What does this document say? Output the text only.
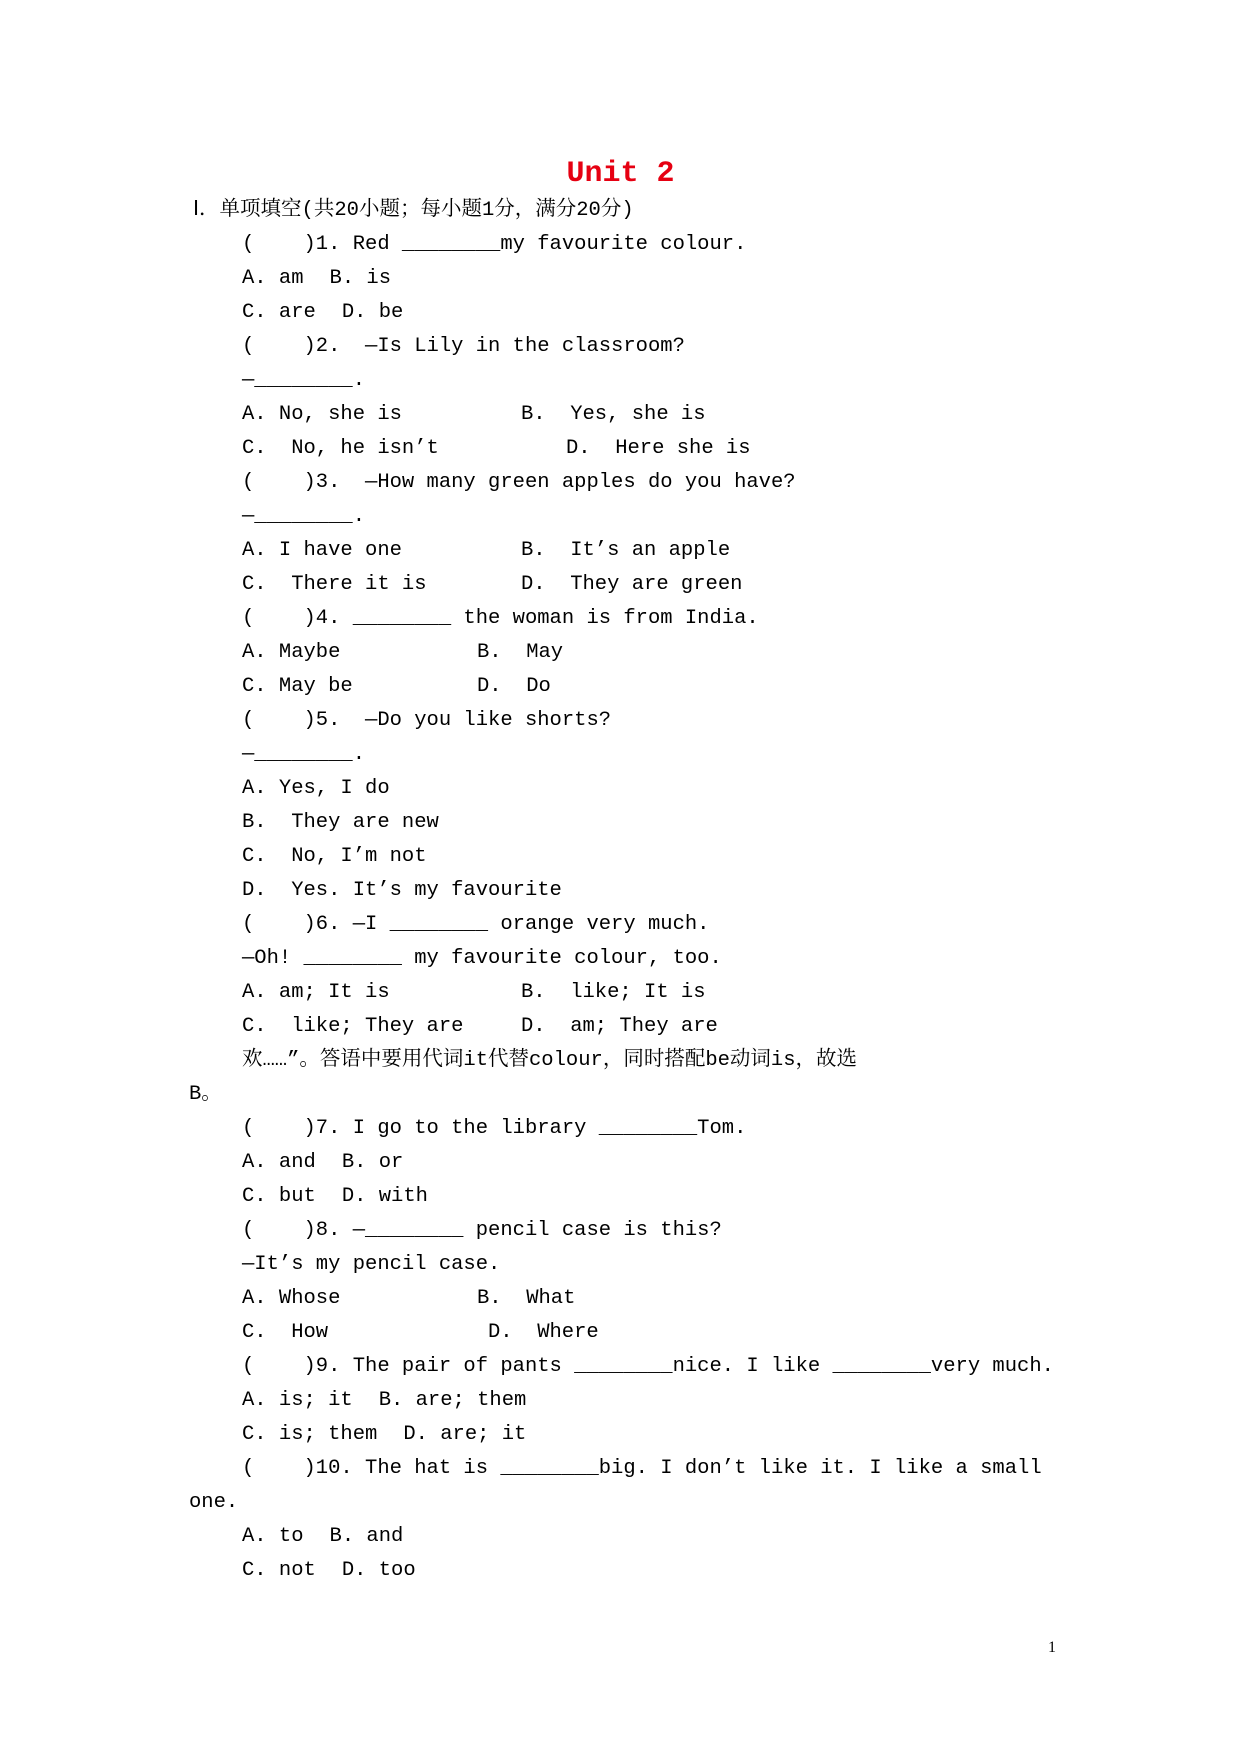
Unit 2
Ⅰ．单项填空(共20小题；每小题1分，满分20分)
(    )1. Red ________my favourite colour.
A. am B. is
C. are D. be
(    )2.  —Is Lily in the classroom?
—________.
A. No, she is	B.  Yes, she is
C.  No, he isn’t	D.  Here she is
(    )3.  —How many green apples do you have?
—________.
A. I have one	B.  It’s an apple
C.  There it is	D.  They are green
(    )4. ________ the woman is from India.
A. Maybe	B.  May
C. May be	D.  Do
(    )5.  —Do you like shorts?
—________.
A. Yes, I do
B.  They are new
C.  No, I’m not
D.  Yes. It’s my favourite
(    )6. —I ________ orange very much.
—Oh! ________ my favourite colour, too.
A. am; It is	B.  like; It is
C.  like; They are	D.  am; They are
欢……”。答语中要用代词it代替colour，同时搭配be动词is，故选
B。
(    )7. I go to the library ________Tom.
A. and B. or
C. but D. with
(    )8. —________ pencil case is this?
—It’s my pencil case.
A. Whose	B.  What
C.  How	D.  Where
(    )9. The pair of pants ________nice. I like ________very much.
A. is; it B. are; them
C. is; them D. are; it
(    )10. The hat is ________big. I don’t like it. I like a small
one.
A. to B. and
C. not D. too
1
